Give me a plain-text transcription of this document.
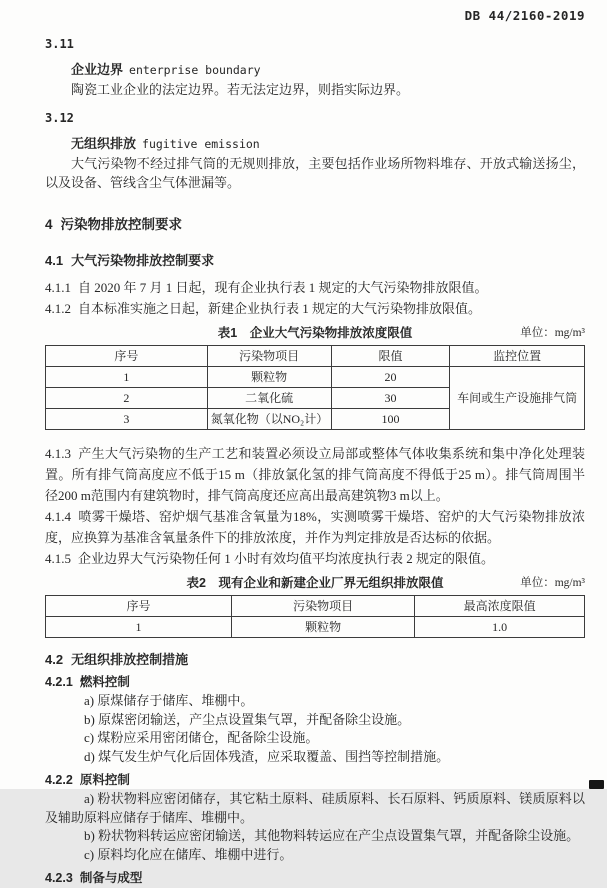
DB 44/2160-2019

3.11

企业边界 enterprise boundary

陶瓷工业企业的法定边界。若无法定边界，则指实际边界。

3.12

无组织排放 fugitive emission

大气污染物不经过排气筒的无规则排放，主要包括作业场所物料堆存、开放式输送扬尘，以及设备、管线含尘气体泄漏等。

4 污染物排放控制要求
4.1 大气污染物排放控制要求

4.1.1 自 2020 年 7 月 1 日起，现有企业执行表 1 规定的大气污染物排放限值。

4.1.2 自本标准实施之日起，新建企业执行表 1 规定的大气污染物排放限值。

表1　企业大气污染物排放浓度限值	单位：mg/m³
序号	污染物项目	限值	监控位置
1	颗粒物	20	车间或生产设施排气筒
2	二氧化硫	30	
3	氮氧化物（以NO₂计）	100	

4.1.3 产生大气污染物的生产工艺和装置必须设立局部或整体气体收集系统和集中净化处理装置。所有排气筒高度应不低于15 m（排放氯化氢的排气筒高度不得低于25 m）。排气筒周围半径200 m范围内有建筑物时，排气筒高度还应高出最高建筑物3 m以上。

4.1.4 喷雾干燥塔、窑炉烟气基准含氧量为18%，实测喷雾干燥塔、窑炉的大气污染物排放浓度，应换算为基准含氧量条件下的排放浓度，并作为判定排放是否达标的依据。

4.1.5 企业边界大气污染物任何 1 小时有效均值平均浓度执行表 2 规定的限值。

表2　现有企业和新建企业厂界无组织排放限值	单位：mg/m³
序号	污染物项目	最高浓度限值
1	颗粒物	1.0
4.2 无组织排放控制措施

4.2.1 燃料控制

a) 原煤储存于储库、堆棚中。

b) 原煤密闭输送，产尘点设置集气罩，并配备除尘设施。

c) 煤粉应采用密闭储仓，配备除尘设施。

d) 煤气发生炉气化后固体残渣，应采取覆盖、围挡等控制措施。

4.2.2 原料控制

a) 粉状物料应密闭储存，其它粘土原料、硅质原料、长石原料、钙质原料、镁质原料以及辅助原料应储存于储库、堆棚中。

b) 粉状物料转运应密闭输送，其他物料转运应在产尘点设置集气罩，并配备除尘设施。

c) 原料均化应在储库、堆棚中进行。

4.2.3 制备与成型
